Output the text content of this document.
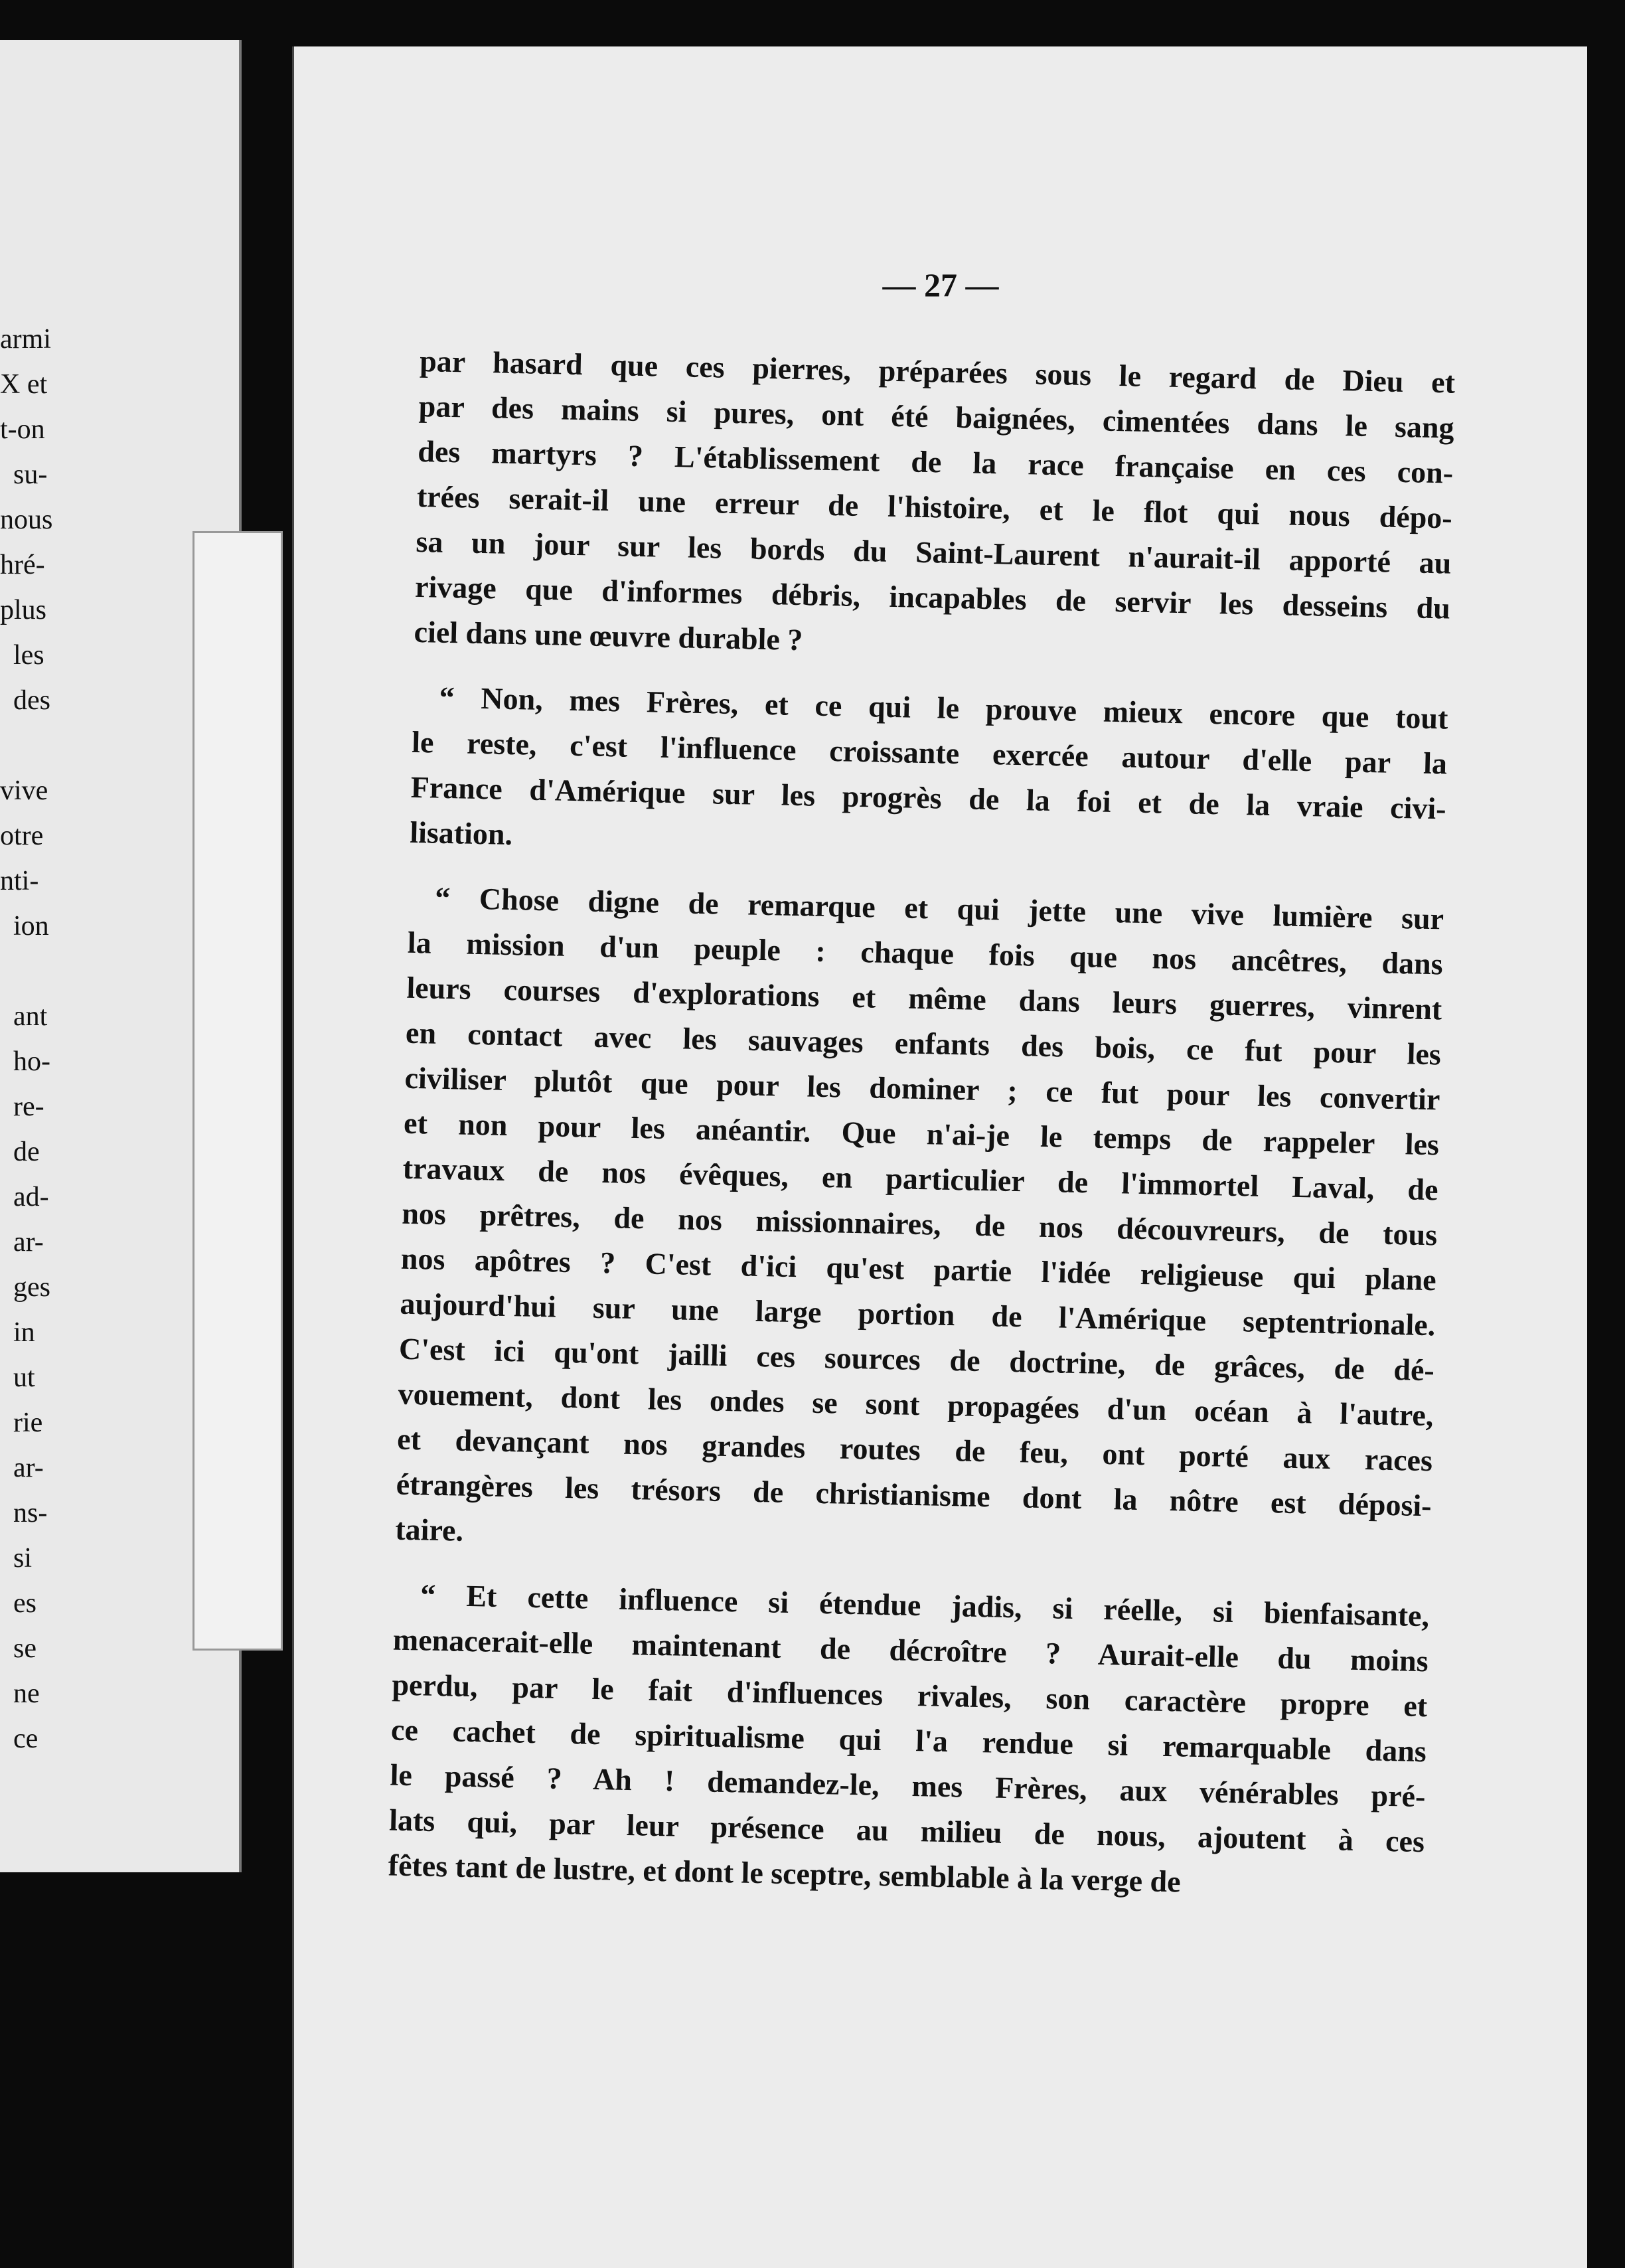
armi
X et
t-on
su-
nous
hré-
plus
les
des
vive
otre
nti-
ion
ant
ho-
re-
de
ad-
ar-
ges
in
ut
rie
ar-
ns-
si
es
se
ne
ce
— 27 —
par hasard que ces pierres, préparées sous le regard de Dieu et
par des mains si pures, ont été baignées, cimentées dans le sang
des martyrs ? L'établissement de la race française en ces con-
trées serait-il une erreur de l'histoire, et le flot qui nous dépo-
sa un jour sur les bords du Saint-Laurent n'aurait-il apporté au
rivage que d'informes débris, incapables de servir les desseins du
ciel dans une œuvre durable ?
“ Non, mes Frères, et ce qui le prouve mieux encore que tout
le reste, c'est l'influence croissante exercée autour d'elle par la
France d'Amérique sur les progrès de la foi et de la vraie civi-
lisation.
“ Chose digne de remarque et qui jette une vive lumière sur
la mission d'un peuple : chaque fois que nos ancêtres, dans
leurs courses d'explorations et même dans leurs guerres, vinrent
en contact avec les sauvages enfants des bois, ce fut pour les
civiliser plutôt que pour les dominer ; ce fut pour les convertir
et non pour les anéantir. Que n'ai-je le temps de rappeler les
travaux de nos évêques, en particulier de l'immortel Laval, de
nos prêtres, de nos missionnaires, de nos découvreurs, de tous
nos apôtres ? C'est d'ici qu'est partie l'idée religieuse qui plane
aujourd'hui sur une large portion de l'Amérique septentrionale.
C'est ici qu'ont jailli ces sources de doctrine, de grâces, de dé-
vouement, dont les ondes se sont propagées d'un océan à l'autre,
et devançant nos grandes routes de feu, ont porté aux races
étrangères les trésors de christianisme dont la nôtre est déposi-
taire.
“ Et cette influence si étendue jadis, si réelle, si bienfaisante,
menacerait-elle maintenant de décroître ? Aurait-elle du moins
perdu, par le fait d'influences rivales, son caractère propre et
ce cachet de spiritualisme qui l'a rendue si remarquable dans
le passé ? Ah ! demandez-le, mes Frères, aux vénérables pré-
lats qui, par leur présence au milieu de nous, ajoutent à ces
fêtes tant de lustre, et dont le sceptre, semblable à la verge de
